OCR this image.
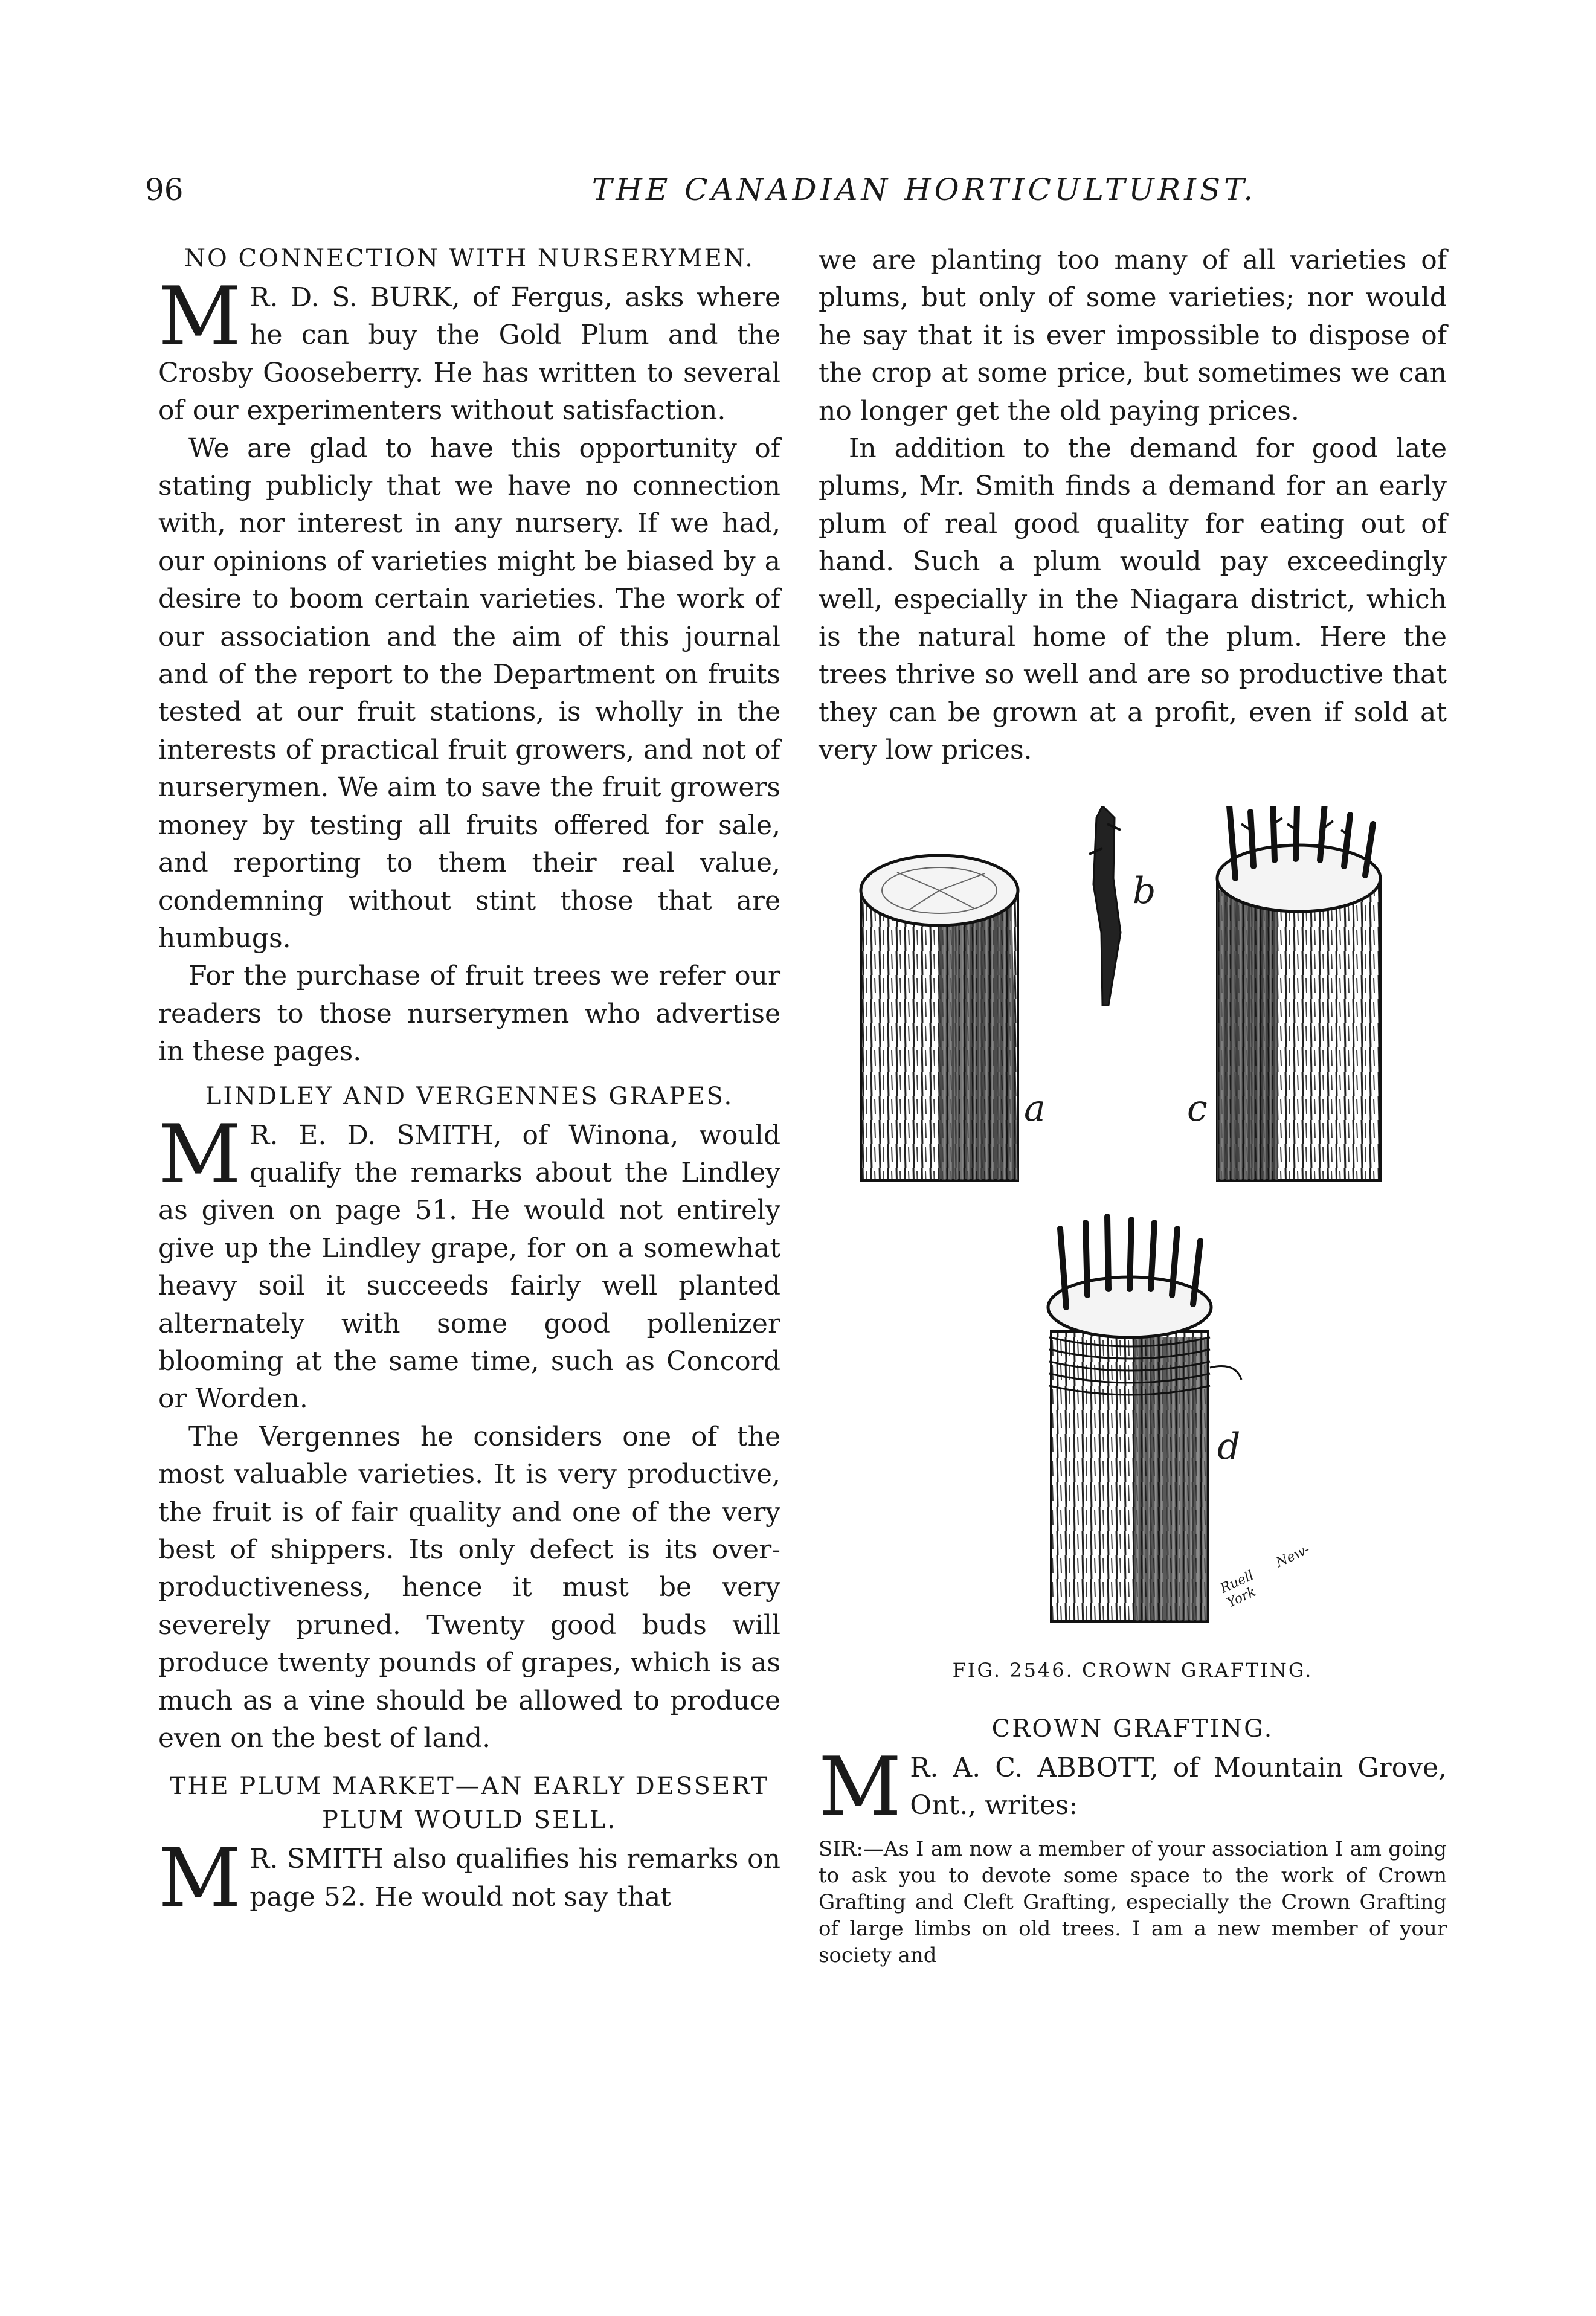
96	THE CANADIAN HORTICULTURIST.
NO CONNECTION WITH NURSERYMEN.

M R. D. S. BURK, of Fergus, asks where he can buy the Gold Plum and the Crosby Gooseberry. He has written to several of our experimenters without satisfaction.

We are glad to have this opportunity of stating publicly that we have no connection with, nor interest in any nursery. If we had, our opinions of varieties might be biased by a desire to boom certain varieties. The work of our association and the aim of this journal and of the report to the Department on fruits tested at our fruit stations, is wholly in the interests of practical fruit growers, and not of nurserymen. We aim to save the fruit growers money by testing all fruits offered for sale, and reporting to them their real value, condemning without stint those that are humbugs.

For the purchase of fruit trees we refer our readers to those nurserymen who advertise in these pages.

LINDLEY AND VERGENNES GRAPES.

M R. E. D. SMITH, of Winona, would qualify the remarks about the Lindley as given on page 51. He would not entirely give up the Lindley grape, for on a somewhat heavy soil it succeeds fairly well planted alternately with some good pollenizer blooming at the same time, such as Concord or Worden.

The Vergennes he considers one of the most valuable varieties. It is very productive, the fruit is of fair quality and one of the very best of shippers. Its only defect is its over-productiveness, hence it must be very severely pruned. Twenty good buds will produce twenty pounds of grapes, which is as much as a vine should be allowed to produce even on the best of land.

THE PLUM MARKET—AN EARLY DESSERT PLUM WOULD SELL.

M R. SMITH also qualifies his remarks on page 52. He would not say that

we are planting too many of all varieties of plums, but only of some varieties; nor would he say that it is ever impossible to dispose of the crop at some price, but sometimes we can no longer get the old paying prices.

In addition to the demand for good late plums, Mr. Smith finds a demand for an early plum of real good quality for eating out of hand. Such a plum would pay exceedingly well, especially in the Niagara district, which is the natural home of the plum. Here the trees thrive so well and are so productive that they can be grown at a profit, even if sold at very low prices.

b
a	c
d
Ruell New-York
FIG. 2546. CROWN GRAFTING.
CROWN GRAFTING.

M R. A. C. ABBOTT, of Mountain Grove, Ont., writes:

SIR:—As I am now a member of your association I am going to ask you to devote some space to the work of Crown Grafting and Cleft Grafting, especially the Crown Grafting of large limbs on old trees. I am a new member of your society and
